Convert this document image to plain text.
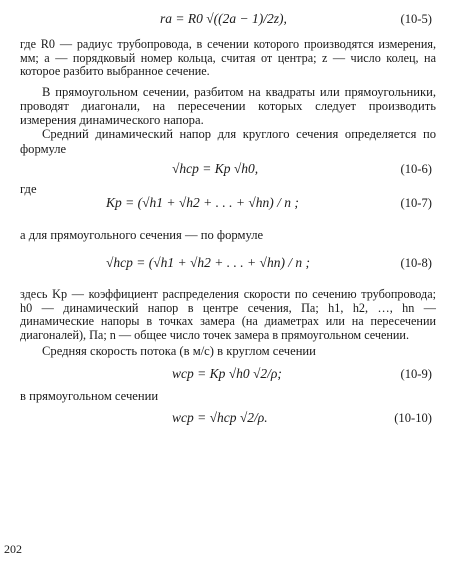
ra = R0 √((2a − 1)/2z),	(10-5)

где R0 — радиус трубопровода, в сечении которого производятся измерения, мм; a — порядковый номер кольца, считая от центра; z — число колец, на которое разбито выбранное сечение.

В прямоугольном сечении, разбитом на квадраты или прямоугольники, проводят диагонали, на пересечении которых следует производить измерения динамического напора.

Средний динамический напор для круглого сечения определяется по формуле

√hср = Kр √h0,	(10-6)
где
Kр = (√h1 + √h2 + . . . + √hn) / n ;	(10-7)

а для прямоугольного сечения — по формуле

√hср = (√h1 + √h2 + . . . + √hn) / n ;	(10-8)

здесь Kр — коэффициент распределения скорости по сечению трубопровода; h0 — динамический напор в центре сечения, Па; h1, h2, …, hn — динамические напоры в точках замера (на диаметрах или на пересечении диагоналей), Па; n — общее число точек замера в прямоугольном сечении.

Средняя скорость потока (в м/с) в круглом сечении

wср = Kр √h0 √2/ρ;	(10-9)

в прямоугольном сечении

wср = √hср √2/ρ.	(10-10)
202
